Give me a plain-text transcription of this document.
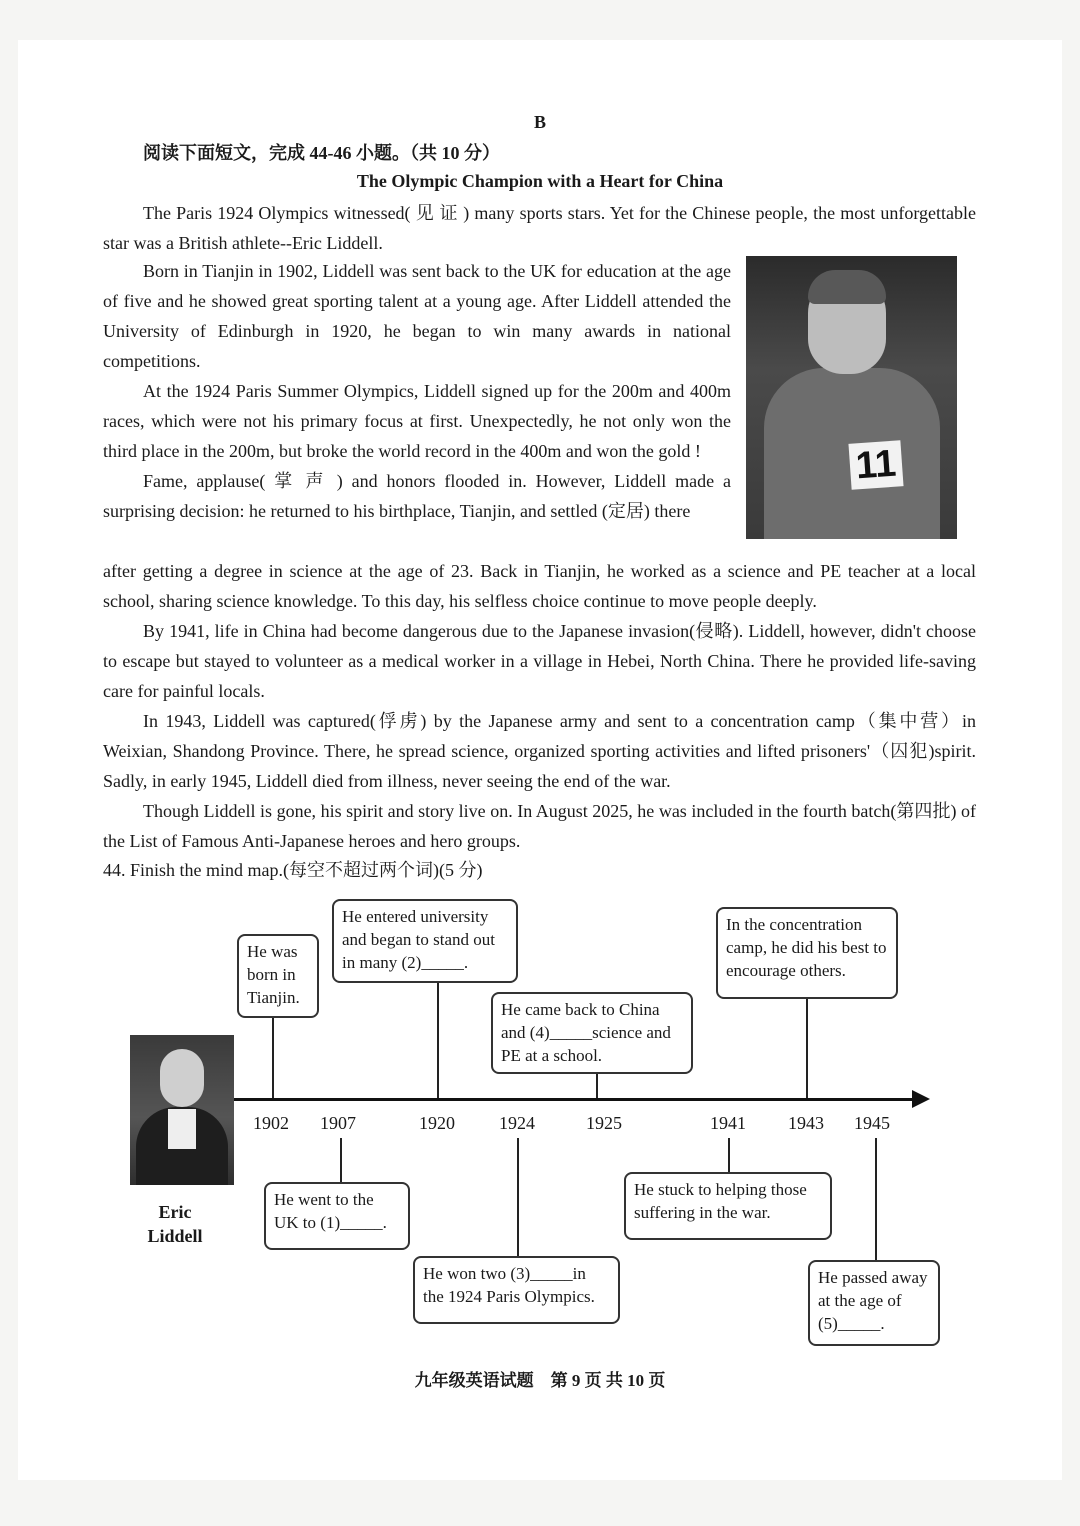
B
阅读下面短文，完成 44-46 小题。（共 10 分）
The Olympic Champion with a Heart for China

The Paris 1924 Olympics witnessed( 见 证 ) many sports stars. Yet for the Chinese people, the most unforgettable star was a British athlete--Eric Liddell.

Born in Tianjin in 1902, Liddell was sent back to the UK for education at the age of five and he showed great sporting talent at a young age. After Liddell attended the University of Edinburgh in 1920, he began to win many awards in national competitions.

At the 1924 Paris Summer Olympics, Liddell signed up for the 200m and 400m races, which were not his primary focus at first. Unexpectedly, he not only won the third place in the 200m, but broke the world record in the 400m and won the gold !

Fame, applause( 掌 声 ) and honors flooded in. However, Liddell made a surprising decision: he returned to his birthplace, Tianjin, and settled (定居) there

11

after getting a degree in science at the age of 23. Back in Tianjin, he worked as a science and PE teacher at a local school, sharing science knowledge. To this day, his selfless choice continue to move people deeply.

By 1941, life in China had become dangerous due to the Japanese invasion(侵略). Liddell, however, didn't choose to escape but stayed to volunteer as a medical worker in a village in Hebei, North China. There he provided life-saving care for painful locals.

In 1943, Liddell was captured(俘虏) by the Japanese army and sent to a concentration camp（集中营）in Weixian, Shandong Province. There, he spread science, organized sporting activities and lifted prisoners'（囚犯)spirit. Sadly, in early 1945, Liddell died from illness, never seeing the end of the war.

Though Liddell is gone, his spirit and story live on. In August 2025, he was included in the fourth batch(第四批) of the List of Famous Anti-Japanese heroes and hero groups.

44. Finish the mind map.(每空不超过两个词)(5 分)
Eric Liddell
1902 1907	1920 1924	1925	1941 1943 1945
He was born in Tianjin.
He entered university and began to stand out in many (2)_____.
He came back to China and (4)_____science and PE at a school.
In the concentration camp, he did his best to encourage others.
He went to the UK to (1)_____.
He won two (3)_____in the 1924 Paris Olympics.
He stuck to helping those suffering in the war.
He passed away at the age of (5)_____.
九年级英语试题　第 9 页 共 10 页
